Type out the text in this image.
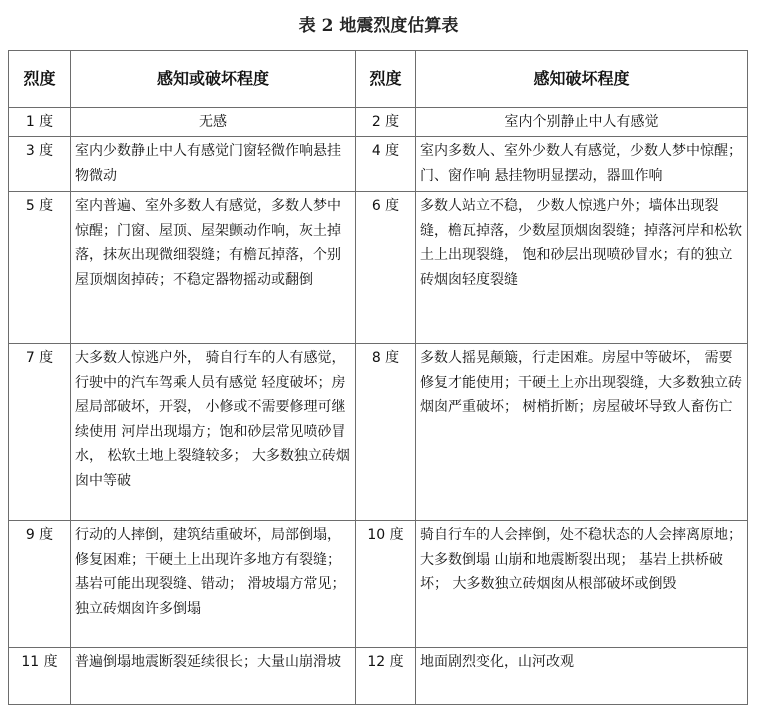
表 2 地震烈度估算表
烈度	感知或破坏程度	烈度	感知破坏程度
1 度	无感	2 度	室内个别静止中人有感觉
3 度	室内少数静止中人有感觉门窗轻微作响悬挂物微动	4 度	室内多数人、室外少数人有感觉，少数人梦中惊醒；门、窗作响 悬挂物明显摆动，器皿作响
5 度	室内普遍、室外多数人有感觉，多数人梦中惊醒；门窗、屋顶、屋架颤动作响，灰土掉落，抹灰出现微细裂缝；有檐瓦掉落，个别屋顶烟囱掉砖；不稳定器物摇动或翻倒	6 度	多数人站立不稳， 少数人惊逃户外；墙体出现裂缝，檐瓦掉落，少数屋顶烟囱裂缝；掉落河岸和松软土上出现裂缝， 饱和砂层出现喷砂冒水；有的独立砖烟囱轻度裂缝
7 度	大多数人惊逃户外， 骑自行车的人有感觉，行驶中的汽车驾乘人员有感觉 轻度破坏；房屋局部破坏，开裂， 小修或不需要修理可继续使用 河岸出现塌方；饱和砂层常见喷砂冒水， 松软土地上裂缝较多； 大多数独立砖烟囱中等破	8 度	多数人摇晃颠簸，行走困难。房屋中等破坏， 需要修复才能使用；干硬土上亦出现裂缝，大多数独立砖烟囱严重破坏； 树梢折断；房屋破坏导致人畜伤亡
9 度	行动的人摔倒，建筑结重破坏，局部倒塌，修复困难；干硬土上出现许多地方有裂缝； 基岩可能出现裂缝、错动； 滑坡塌方常见； 独立砖烟囱许多倒塌	10 度	骑自行车的人会摔倒，处不稳状态的人会摔离原地；大多数倒塌 山崩和地震断裂出现； 基岩上拱桥破坏； 大多数独立砖烟囱从根部破坏或倒毁
11 度	普遍倒塌地震断裂延续很长；大量山崩滑坡	12 度	地面剧烈变化，山河改观
